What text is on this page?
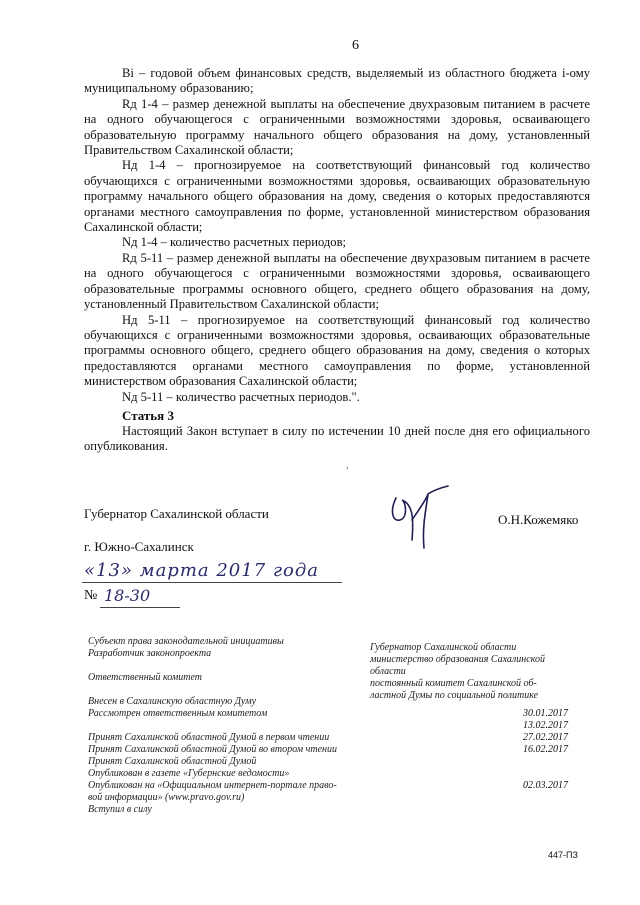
6

Bi – годовой объем финансовых средств, выделяемый из областного бюджета i-ому муниципальному образованию;

Rд 1-4 – размер денежной выплаты на обеспечение двухразовым питанием в расчете на одного обучающегося с ограниченными возможностями здоровья, осваивающего образовательную программу начального общего образования на дому, установленный Правительством Сахалинской области;

Нд 1-4 – прогнозируемое на соответствующий финансовый год количество обучающихся с ограниченными возможностями здоровья, осваивающих образовательную программу начального общего образования на дому, сведения о которых предоставляются органами местного самоуправления по форме, установленной министерством образования Сахалинской области;

Nд 1-4 – количество расчетных периодов;

Rд 5-11 – размер денежной выплаты на обеспечение двухразовым питанием в расчете на одного обучающегося с ограниченными возможностями здоровья, осваивающего образовательные программы основного общего, среднего общего образования на дому, установленный Правительством Сахалинской области;

Нд 5-11 – прогнозируемое на соответствующий финансовый год количество обучающихся с ограниченными возможностями здоровья, осваивающих образовательные программы основного общего, среднего общего образования на дому, сведения о которых предоставляются органами местного самоуправления по форме, установленной министерством образования Сахалинской области;

Nд 5-11 – количество расчетных периодов.".

,
Статья 3

Настоящий Закон вступает в силу по истечении 10 дней после дня его официального опубликования.

Губернатор Сахалинской области	О.Н.Кожемяко
г. Южно-Сахалинск
«13» марта 2017 года
№ 18-30
Субъект права законодательной инициативы
Разработчик законопроекта

Ответственный комитет

Внесен в Сахалинскую областную Думу
Рассмотрен ответственным комитетом

Принят Сахалинской областной Думой в первом чтении
Принят Сахалинской областной Думой во втором чтении
Принят Сахалинской областной Думой
Опубликован в газете «Губернские ведомости»
Опубликован на «Официальном интернет-портале право-
вой информации» (www.pravo.gov.ru)
Вступил в силу
Губернатор Сахалинской области
министерство образования Сахалинской
области
постоянный комитет Сахалинской об-
ластной Думы по социальной политике
30.01.2017
13.02.2017
27.02.2017
16.02.2017

02.03.2017
447-ПЗ
